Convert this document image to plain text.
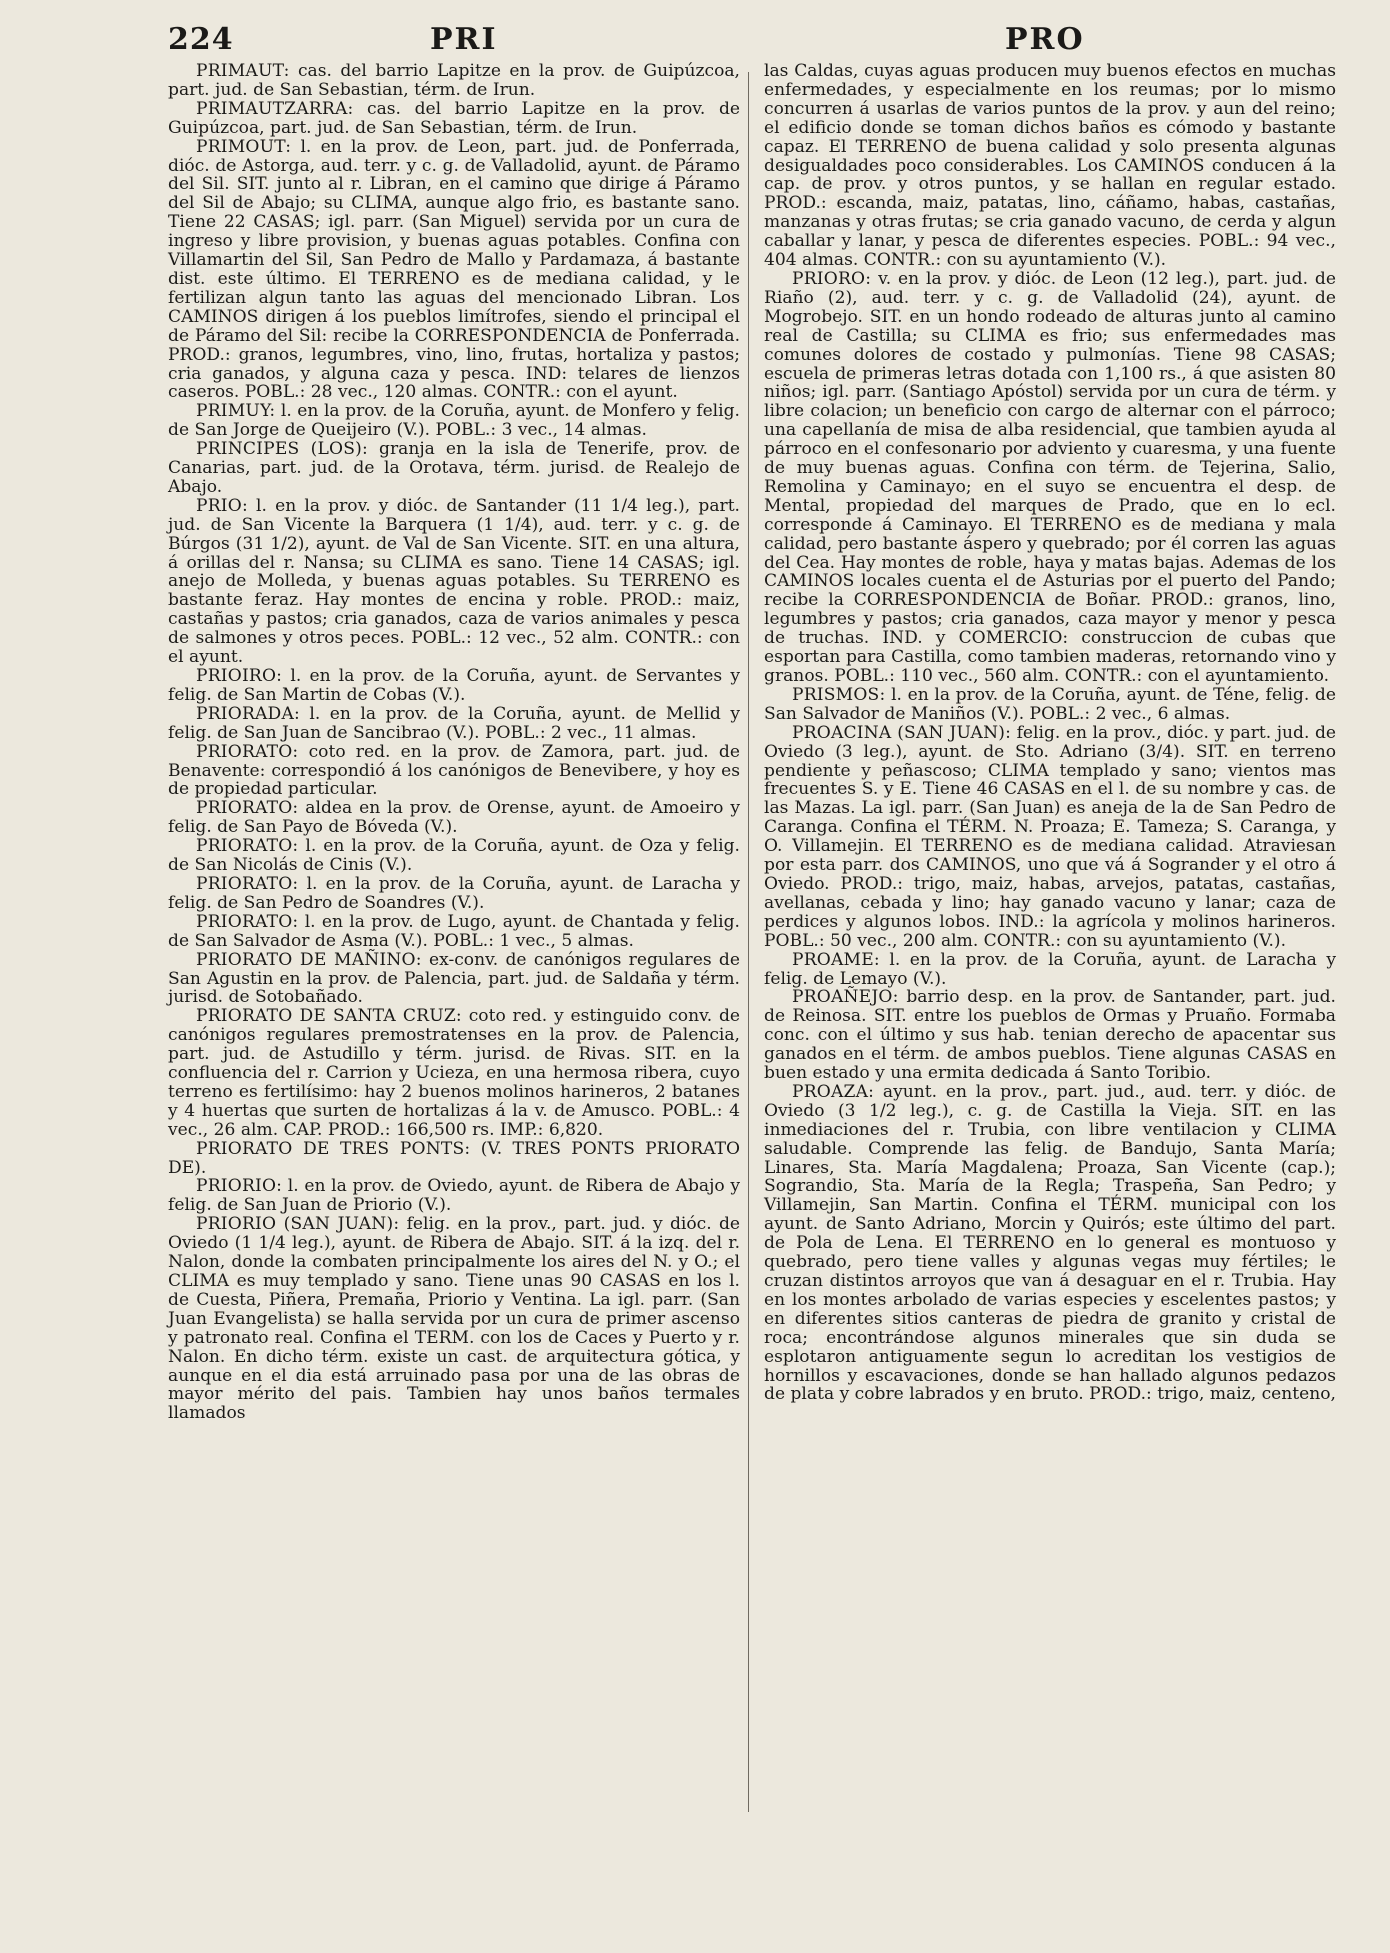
224	PRI	PRO

PRIMAUT: cas. del barrio Lapitze en la prov. de Guipúzcoa, part. jud. de San Sebastian, térm. de Irun.

PRIMAUTZARRA: cas. del barrio Lapitze en la prov. de Guipúzcoa, part. jud. de San Sebastian, térm. de Irun.

PRIMOUT: l. en la prov. de Leon, part. jud. de Ponferrada, dióc. de Astorga, aud. terr. y c. g. de Valladolid, ayunt. de Páramo del Sil. SIT. junto al r. Libran, en el camino que dirige á Páramo del Sil de Abajo; su CLIMA, aunque algo frio, es bastante sano. Tiene 22 CASAS; igl. parr. (San Miguel) servida por un cura de ingreso y libre provision, y buenas aguas potables. Confina con Villamartin del Sil, San Pedro de Mallo y Pardamaza, á bastante dist. este último. El TERRENO es de mediana calidad, y le fertilizan algun tanto las aguas del mencionado Libran. Los CAMINOS dirigen á los pueblos limítrofes, siendo el principal el de Páramo del Sil: recibe la CORRESPONDENCIA de Ponferrada. PROD.: granos, legumbres, vino, lino, frutas, hortaliza y pastos; cria ganados, y alguna caza y pesca. IND: telares de lienzos caseros. POBL.: 28 vec., 120 almas. CONTR.: con el ayunt.

PRIMUY: l. en la prov. de la Coruña, ayunt. de Monfero y felig. de San Jorge de Queijeiro (V.). POBL.: 3 vec., 14 almas.

PRINCIPES (LOS): granja en la isla de Tenerife, prov. de Canarias, part. jud. de la Orotava, térm. jurisd. de Realejo de Abajo.

PRIO: l. en la prov. y dióc. de Santander (11 1/4 leg.), part. jud. de San Vicente la Barquera (1 1/4), aud. terr. y c. g. de Búrgos (31 1/2), ayunt. de Val de San Vicente. SIT. en una altura, á orillas del r. Nansa; su CLIMA es sano. Tiene 14 CASAS; igl. anejo de Molleda, y buenas aguas potables. Su TERRENO es bastante feraz. Hay montes de encina y roble. PROD.: maiz, castañas y pastos; cria ganados, caza de varios animales y pesca de salmones y otros peces. POBL.: 12 vec., 52 alm. CONTR.: con el ayunt.

PRIOIRO: l. en la prov. de la Coruña, ayunt. de Servantes y felig. de San Martin de Cobas (V.).

PRIORADA: l. en la prov. de la Coruña, ayunt. de Mellid y felig. de San Juan de Sancibrao (V.). POBL.: 2 vec., 11 almas.

PRIORATO: coto red. en la prov. de Zamora, part. jud. de Benavente: correspondió á los canónigos de Benevibere, y hoy es de propiedad particular.

PRIORATO: aldea en la prov. de Orense, ayunt. de Amoeiro y felig. de San Payo de Bóveda (V.).

PRIORATO: l. en la prov. de la Coruña, ayunt. de Oza y felig. de San Nicolás de Cinis (V.).

PRIORATO: l. en la prov. de la Coruña, ayunt. de Laracha y felig. de San Pedro de Soandres (V.).

PRIORATO: l. en la prov. de Lugo, ayunt. de Chantada y felig. de San Salvador de Asma (V.). POBL.: 1 vec., 5 almas.

PRIORATO DE MAÑINO: ex-conv. de canónigos regulares de San Agustin en la prov. de Palencia, part. jud. de Saldaña y térm. jurisd. de Sotobañado.

PRIORATO DE SANTA CRUZ: coto red. y estinguido conv. de canónigos regulares premostratenses en la prov. de Palencia, part. jud. de Astudillo y térm. jurisd. de Rivas. SIT. en la confluencia del r. Carrion y Ucieza, en una hermosa ribera, cuyo terreno es fertilísimo: hay 2 buenos molinos harineros, 2 batanes y 4 huertas que surten de hortalizas á la v. de Amusco. POBL.: 4 vec., 26 alm. CAP. PROD.: 166,500 rs. IMP.: 6,820.

PRIORATO DE TRES PONTS: (V. TRES PONTS PRIORATO DE).

PRIORIO: l. en la prov. de Oviedo, ayunt. de Ribera de Abajo y felig. de San Juan de Priorio (V.).

PRIORIO (SAN JUAN): felig. en la prov., part. jud. y dióc. de Oviedo (1 1/4 leg.), ayunt. de Ribera de Abajo. SIT. á la izq. del r. Nalon, donde la combaten principalmente los aires del N. y O.; el CLIMA es muy templado y sano. Tiene unas 90 CASAS en los l. de Cuesta, Piñera, Premaña, Priorio y Ventina. La igl. parr. (San Juan Evangelista) se halla servida por un cura de primer ascenso y patronato real. Confina el TERM. con los de Caces y Puerto y r. Nalon. En dicho térm. existe un cast. de arquitectura gótica, y aunque en el dia está arruinado pasa por una de las obras de mayor mérito del pais. Tambien hay unos baños termales llamados

las Caldas, cuyas aguas producen muy buenos efectos en muchas enfermedades, y especialmente en los reumas; por lo mismo concurren á usarlas de varios puntos de la prov. y aun del reino; el edificio donde se toman dichos baños es cómodo y bastante capaz. El TERRENO de buena calidad y solo presenta algunas desigualdades poco considerables. Los CAMINOS conducen á la cap. de prov. y otros puntos, y se hallan en regular estado. PROD.: escanda, maiz, patatas, lino, cáñamo, habas, castañas, manzanas y otras frutas; se cria ganado vacuno, de cerda y algun caballar y lanar, y pesca de diferentes especies. POBL.: 94 vec., 404 almas. CONTR.: con su ayuntamiento (V.).

PRIORO: v. en la prov. y dióc. de Leon (12 leg.), part. jud. de Riaño (2), aud. terr. y c. g. de Valladolid (24), ayunt. de Mogrobejo. SIT. en un hondo rodeado de alturas junto al camino real de Castilla; su CLIMA es frio; sus enfermedades mas comunes dolores de costado y pulmonías. Tiene 98 CASAS; escuela de primeras letras dotada con 1,100 rs., á que asisten 80 niños; igl. parr. (Santiago Apóstol) servida por un cura de térm. y libre colacion; un beneficio con cargo de alternar con el párroco; una capellanía de misa de alba residencial, que tambien ayuda al párroco en el confesonario por adviento y cuaresma, y una fuente de muy buenas aguas. Confina con térm. de Tejerina, Salio, Remolina y Caminayo; en el suyo se encuentra el desp. de Mental, propiedad del marques de Prado, que en lo ecl. corresponde á Caminayo. El TERRENO es de mediana y mala calidad, pero bastante áspero y quebrado; por él corren las aguas del Cea. Hay montes de roble, haya y matas bajas. Ademas de los CAMINOS locales cuenta el de Asturias por el puerto del Pando; recibe la CORRESPONDENCIA de Boñar. PROD.: granos, lino, legumbres y pastos; cria ganados, caza mayor y menor y pesca de truchas. IND. y COMERCIO: construccion de cubas que esportan para Castilla, como tambien maderas, retornando vino y granos. POBL.: 110 vec., 560 alm. CONTR.: con el ayuntamiento.

PRISMOS: l. en la prov. de la Coruña, ayunt. de Téne, felig. de San Salvador de Maniños (V.). POBL.: 2 vec., 6 almas.

PROACINA (SAN JUAN): felig. en la prov., dióc. y part. jud. de Oviedo (3 leg.), ayunt. de Sto. Adriano (3/4). SIT. en terreno pendiente y peñascoso; CLIMA templado y sano; vientos mas frecuentes S. y E. Tiene 46 CASAS en el l. de su nombre y cas. de las Mazas. La igl. parr. (San Juan) es aneja de la de San Pedro de Caranga. Confina el TÉRM. N. Proaza; E. Tameza; S. Caranga, y O. Villamejin. El TERRENO es de mediana calidad. Atraviesan por esta parr. dos CAMINOS, uno que vá á Sogrander y el otro á Oviedo. PROD.: trigo, maiz, habas, arvejos, patatas, castañas, avellanas, cebada y lino; hay ganado vacuno y lanar; caza de perdices y algunos lobos. IND.: la agrícola y molinos harineros. POBL.: 50 vec., 200 alm. CONTR.: con su ayuntamiento (V.).

PROAME: l. en la prov. de la Coruña, ayunt. de Laracha y felig. de Lemayo (V.).

PROAÑEJO: barrio desp. en la prov. de Santander, part. jud. de Reinosa. SIT. entre los pueblos de Ormas y Pruaño. Formaba conc. con el último y sus hab. tenian derecho de apacentar sus ganados en el térm. de ambos pueblos. Tiene algunas CASAS en buen estado y una ermita dedicada á Santo Toribio.

PROAZA: ayunt. en la prov., part. jud., aud. terr. y dióc. de Oviedo (3 1/2 leg.), c. g. de Castilla la Vieja. SIT. en las inmediaciones del r. Trubia, con libre ventilacion y CLIMA saludable. Comprende las felig. de Bandujo, Santa María; Linares, Sta. María Magdalena; Proaza, San Vicente (cap.); Sograndio, Sta. María de la Regla; Traspeña, San Pedro; y Villamejin, San Martin. Confina el TÉRM. municipal con los ayunt. de Santo Adriano, Morcin y Quirós; este último del part. de Pola de Lena. El TERRENO en lo general es montuoso y quebrado, pero tiene valles y algunas vegas muy fértiles; le cruzan distintos arroyos que van á desaguar en el r. Trubia. Hay en los montes arbolado de varias especies y escelentes pastos; y en diferentes sitios canteras de piedra de granito y cristal de roca; encontrándose algunos minerales que sin duda se esplotaron antiguamente segun lo acreditan los vestigios de hornillos y escavaciones, donde se han hallado algunos pedazos de plata y cobre labrados y en bruto. PROD.: trigo, maiz, centeno,
